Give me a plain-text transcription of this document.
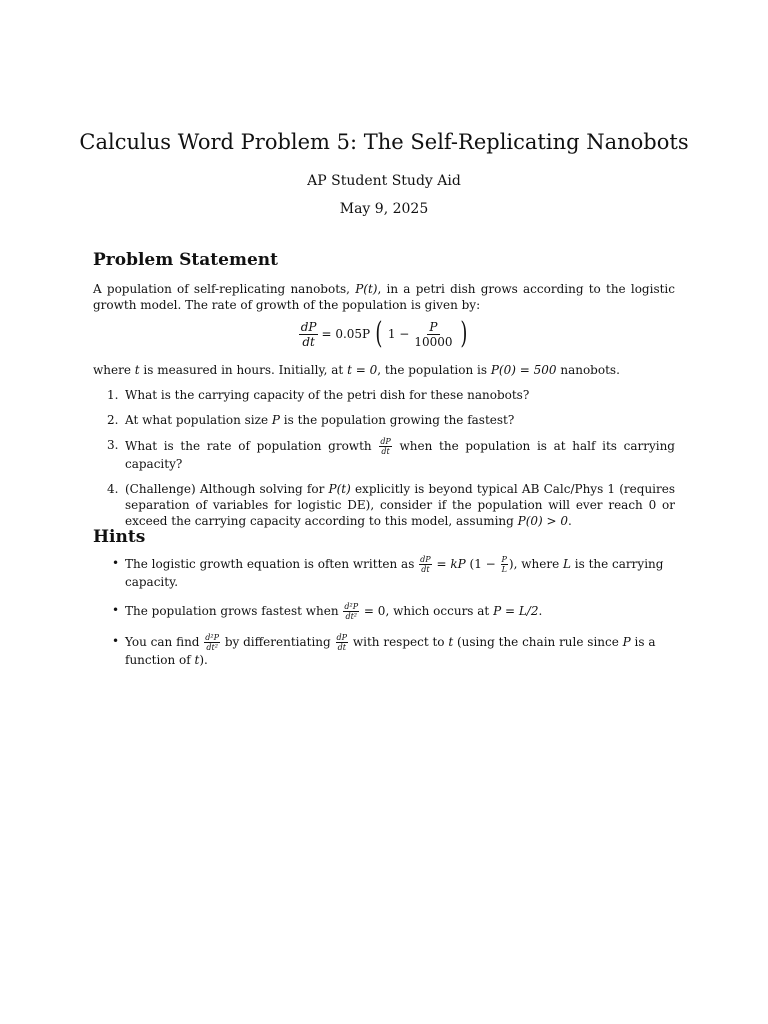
Calculus Word Problem 5: The Self-Replicating Nanobots
AP Student Study Aid
May 9, 2025
Problem Statement
A population of self-replicating nanobots, P(t), in a petri dish grows according to the logistic growth model. The rate of growth of the population is given by:
$\frac{dP}{dt} = 0.05P$ ( $1 - \frac{P}{10000}$ )
where t is measured in hours. Initially, at t = 0, the population is P(0) = 500 nanobots.
1. What is the carrying capacity of the petri dish for these nanobots?
2. At what population size P is the population growing the fastest?
3. What is the rate of population growth $\frac{dP}{dt}$ when the population is at half its carrying capacity?
4. (Challenge) Although solving for P(t) explicitly is beyond typical AB Calc/Phys 1 (requires separation of variables for logistic DE), consider if the population will ever reach 0 or exceed the carrying capacity according to this model, assuming P(0) > 0.
Hints
• The logistic growth equation is often written as $\frac{dP}{dt}$ = kP ($1 - \frac{P}{L}$ ), where L is the carrying capacity.
• The population grows fastest when $\frac{\text{d²P}}{\text{dt²}} = 0$, which occurs at P = L/2.
• You can find $\frac{\text{d²P}}{\text{dt²}}$ by differentiating $\frac{dP}{dt}$ with respect to t (using the chain rule since P is a function of t).
